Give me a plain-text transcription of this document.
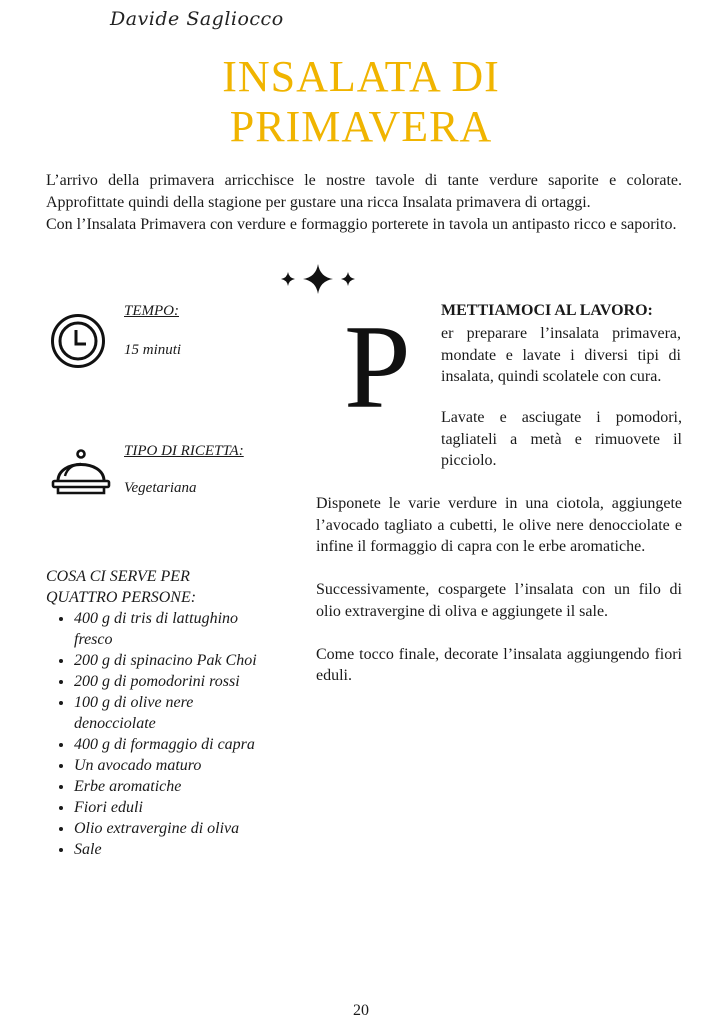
Davide Sagliocco
INSALATA DI
PRIMAVERA

L’arrivo della primavera arricchisce le nostre tavole di tante verdure saporite e colorate. Approfittate quindi della stagione per gustare una ricca Insalata primavera di ortaggi.

Con l’Insalata Primavera con verdure e formaggio porterete in tavola un antipasto ricco e saporito.

TEMPO:
15 minuti
TIPO DI RICETTA:
Vegetariana
COSA CI SERVE PER
QUATTRO PERSONE:
• 400 g di tris di lattughino fresco
• 200 g di spinacino Pak Choi
• 200 g di pomodorini rossi
• 100 g di olive nere denocciolate
• 400 g di formaggio di capra
• Un avocado maturo
• Erbe aromatiche
• Fiori eduli
• Olio extravergine di oliva
• Sale
P METTIAMOCI AL LAVORO:

er preparare l’insalata primavera, mondate e lavate i diversi tipi di insalata, quindi scolatele con cura.

Lavate e asciugate i pomodori, tagliateli a metà e rimuovete il picciolo.

Disponete le varie verdure in una ciotola, aggiungete l’avocado tagliato a cubetti, le olive nere denocciolate e infine il formaggio di capra con le erbe aromatiche.

Successivamente, cospargete l’insalata con un filo di olio extravergine di oliva e aggiungete il sale.

Come tocco finale, decorate l’insalata aggiungendo fiori eduli.

20
